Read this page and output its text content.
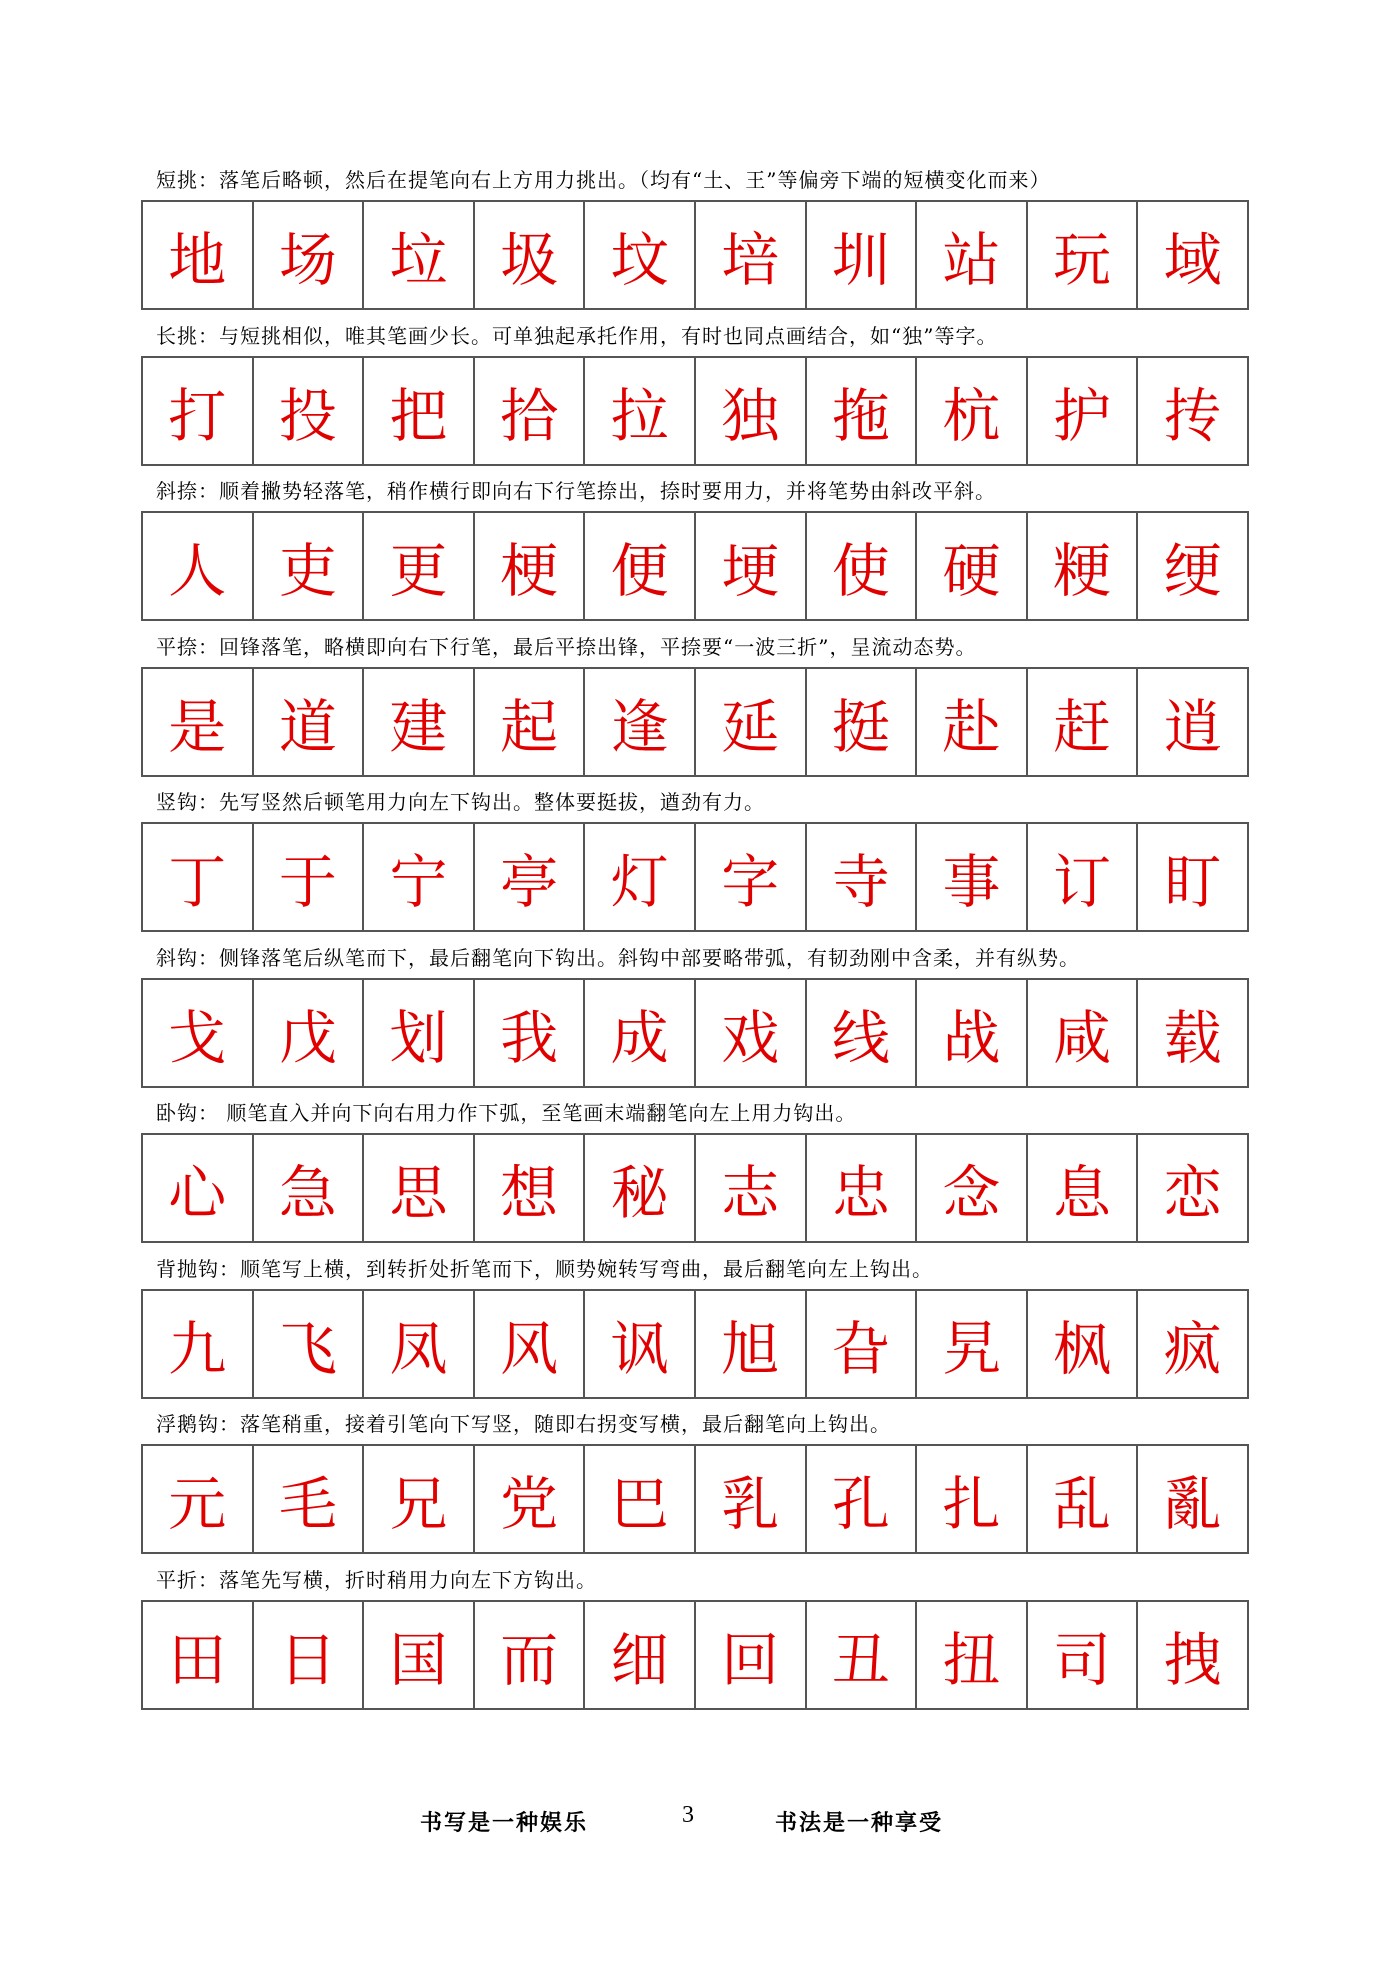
短挑：落笔后略顿，然后在提笔向右上方用力挑出。（均有“土、王”等偏旁下端的短横变化而来）
地 场 垃 圾 坟 培 圳 站 玩 域
长挑：与短挑相似，唯其笔画少长。可单独起承托作用，有时也同点画结合，如“独”等字。
打 投 把 拾 拉 独 拖 杭 护 抟
斜捺：顺着撇势轻落笔，稍作横行即向右下行笔捺出，捺时要用力，并将笔势由斜改平斜。
人 吏 更 梗 便 埂 使 硬 粳 绠
平捺：回锋落笔，略横即向右下行笔，最后平捺出锋，平捺要“一波三折”，呈流动态势。
是 道 建 起 逢 延 挺 赴 赶 逍
竖钩：先写竖然后顿笔用力向左下钩出。整体要挺拔，遒劲有力。
丁 于 宁 亭 灯 字 寺 事 订 盯
斜钩：侧锋落笔后纵笔而下，最后翻笔向下钩出。斜钩中部要略带弧，有韧劲刚中含柔，并有纵势。
戈 戊 划 我 成 戏 线 战 咸 载
卧钩： 顺笔直入并向下向右用力作下弧，至笔画末端翻笔向左上用力钩出。
心 急 思 想 秘 志 忠 念 息 恋
背抛钩：顺笔写上横，到转折处折笔而下，顺势婉转写弯曲，最后翻笔向左上钩出。
九 飞 凤 风 讽 旭 旮 旯 枫 疯
浮鹅钩：落笔稍重，接着引笔向下写竖，随即右拐变写横，最后翻笔向上钩出。
元 毛 兄 党 巴 乳 孔 扎 乱 亂
平折：落笔先写横，折时稍用力向左下方钩出。
田 日 国 而 细 回 丑 扭 司 拽
书写是一种娱乐	3	书法是一种享受
